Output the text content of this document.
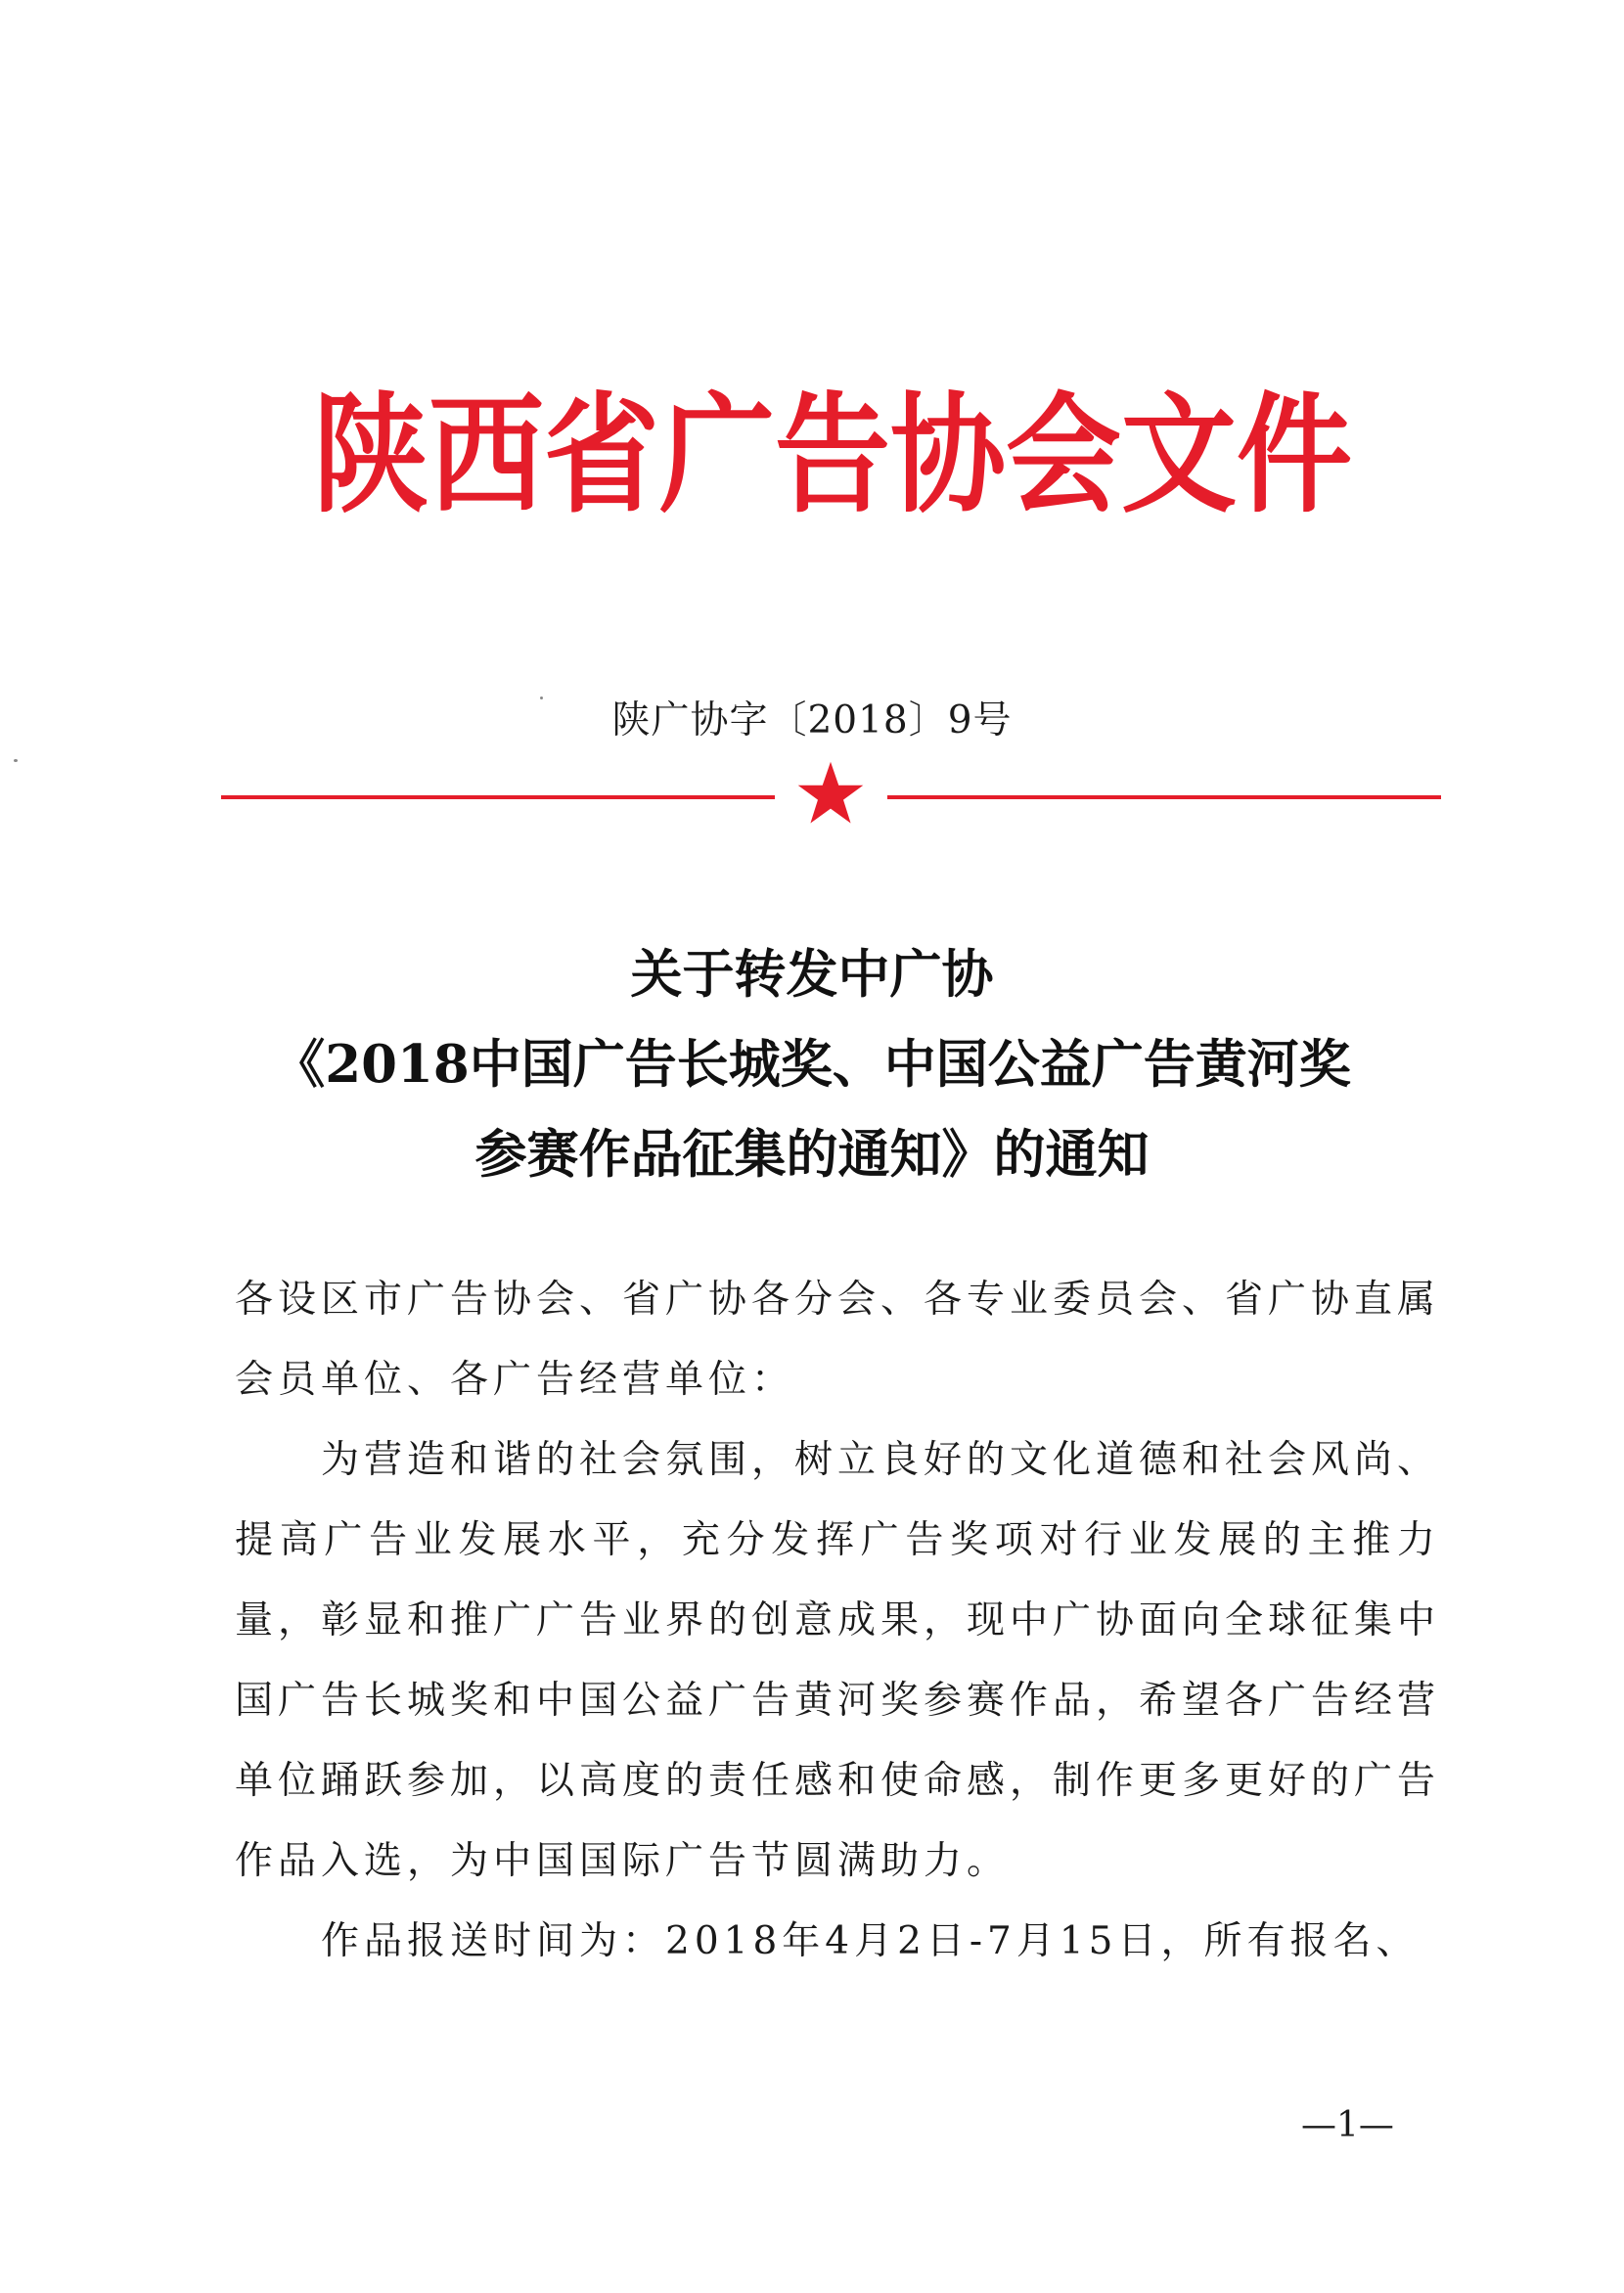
陕 西 省 广 告 协 会 文 件
陕广协字〔2018〕9号
关于转发中广协
《2018中国广告长城奖、中国公益广告黄河奖
参赛作品征集的通知》的通知

各设区市广告协会、省广协各分会、各专业委员会、省广协直属会员单位、各广告经营单位：

为营造和谐的社会氛围，树立良好的文化道德和社会风尚、提高广告业发展水平，充分发挥广告奖项对行业发展的主推力量，彰显和推广广告业界的创意成果，现中广协面向全球征集中国广告长城奖和中国公益广告黄河奖参赛作品，希望各广告经营单位踊跃参加，以高度的责任感和使命感，制作更多更好的广告作品入选，为中国国际广告节圆满助力。

作品报送时间为：2018年4月2日-7月15日，所有报名、

—1—
